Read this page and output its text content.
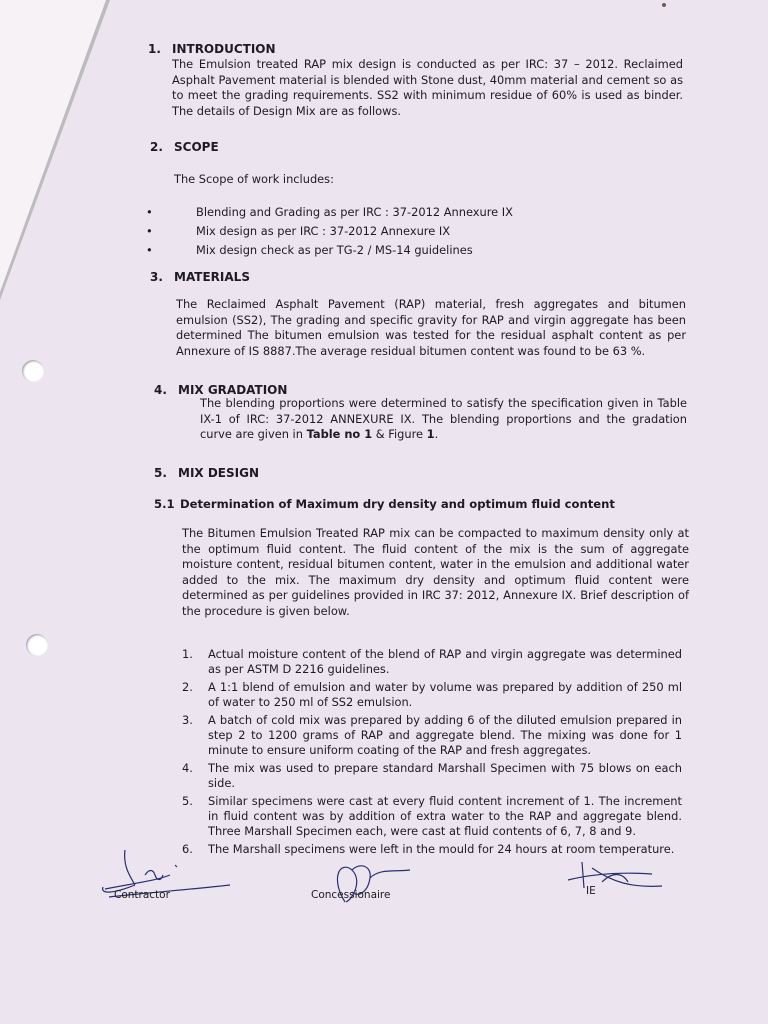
1. INTRODUCTION

The Emulsion treated RAP mix design is conducted as per IRC: 37 – 2012. Reclaimed Asphalt Pavement material is blended with Stone dust, 40mm material and cement so as to meet the grading requirements. SS2 with minimum residue of 60% is used as binder. The details of Design Mix are as follows.

2. SCOPE

The Scope of work includes:

• Blending and Grading as per IRC : 37-2012 Annexure IX
• Mix design as per IRC : 37-2012 Annexure IX
• Mix design check as per TG-2 / MS-14 guidelines
3. MATERIALS

The Reclaimed Asphalt Pavement (RAP) material, fresh aggregates and bitumen emulsion (SS2), The grading and specific gravity for RAP and virgin aggregate has been determined The bitumen emulsion was tested for the residual asphalt content as per Annexure of IS 8887.The average residual bitumen content was found to be 63 %.

4. MIX GRADATION

The blending proportions were determined to satisfy the specification given in Table IX-1 of IRC: 37-2012 ANNEXURE IX. The blending proportions and the gradation curve are given in Table no 1 & Figure 1.

5. MIX DESIGN
5.1 Determination of Maximum dry density and optimum fluid content

The Bitumen Emulsion Treated RAP mix can be compacted to maximum density only at the optimum fluid content. The fluid content of the mix is the sum of aggregate moisture content, residual bitumen content, water in the emulsion and additional water added to the mix. The maximum dry density and optimum fluid content were determined as per guidelines provided in IRC 37: 2012, Annexure IX. Brief description of the procedure is given below.

1. Actual moisture content of the blend of RAP and virgin aggregate was determined as per ASTM D 2216 guidelines.
2. A 1:1 blend of emulsion and water by volume was prepared by addition of 250 ml of water to 250 ml of SS2 emulsion.
3. A batch of cold mix was prepared by adding 6 of the diluted emulsion prepared in step 2 to 1200 grams of RAP and aggregate blend. The mixing was done for 1 minute to ensure uniform coating of the RAP and fresh aggregates.
4. The mix was used to prepare standard Marshall Specimen with 75 blows on each side.
5. Similar specimens were cast at every fluid content increment of 1. The increment in fluid content was by addition of extra water to the RAP and aggregate blend. Three Marshall Specimen each, were cast at fluid contents of 6, 7, 8 and 9.
6. The Marshall specimens were left in the mould for 24 hours at room temperature.
Contractor	Concessionaire	IE
